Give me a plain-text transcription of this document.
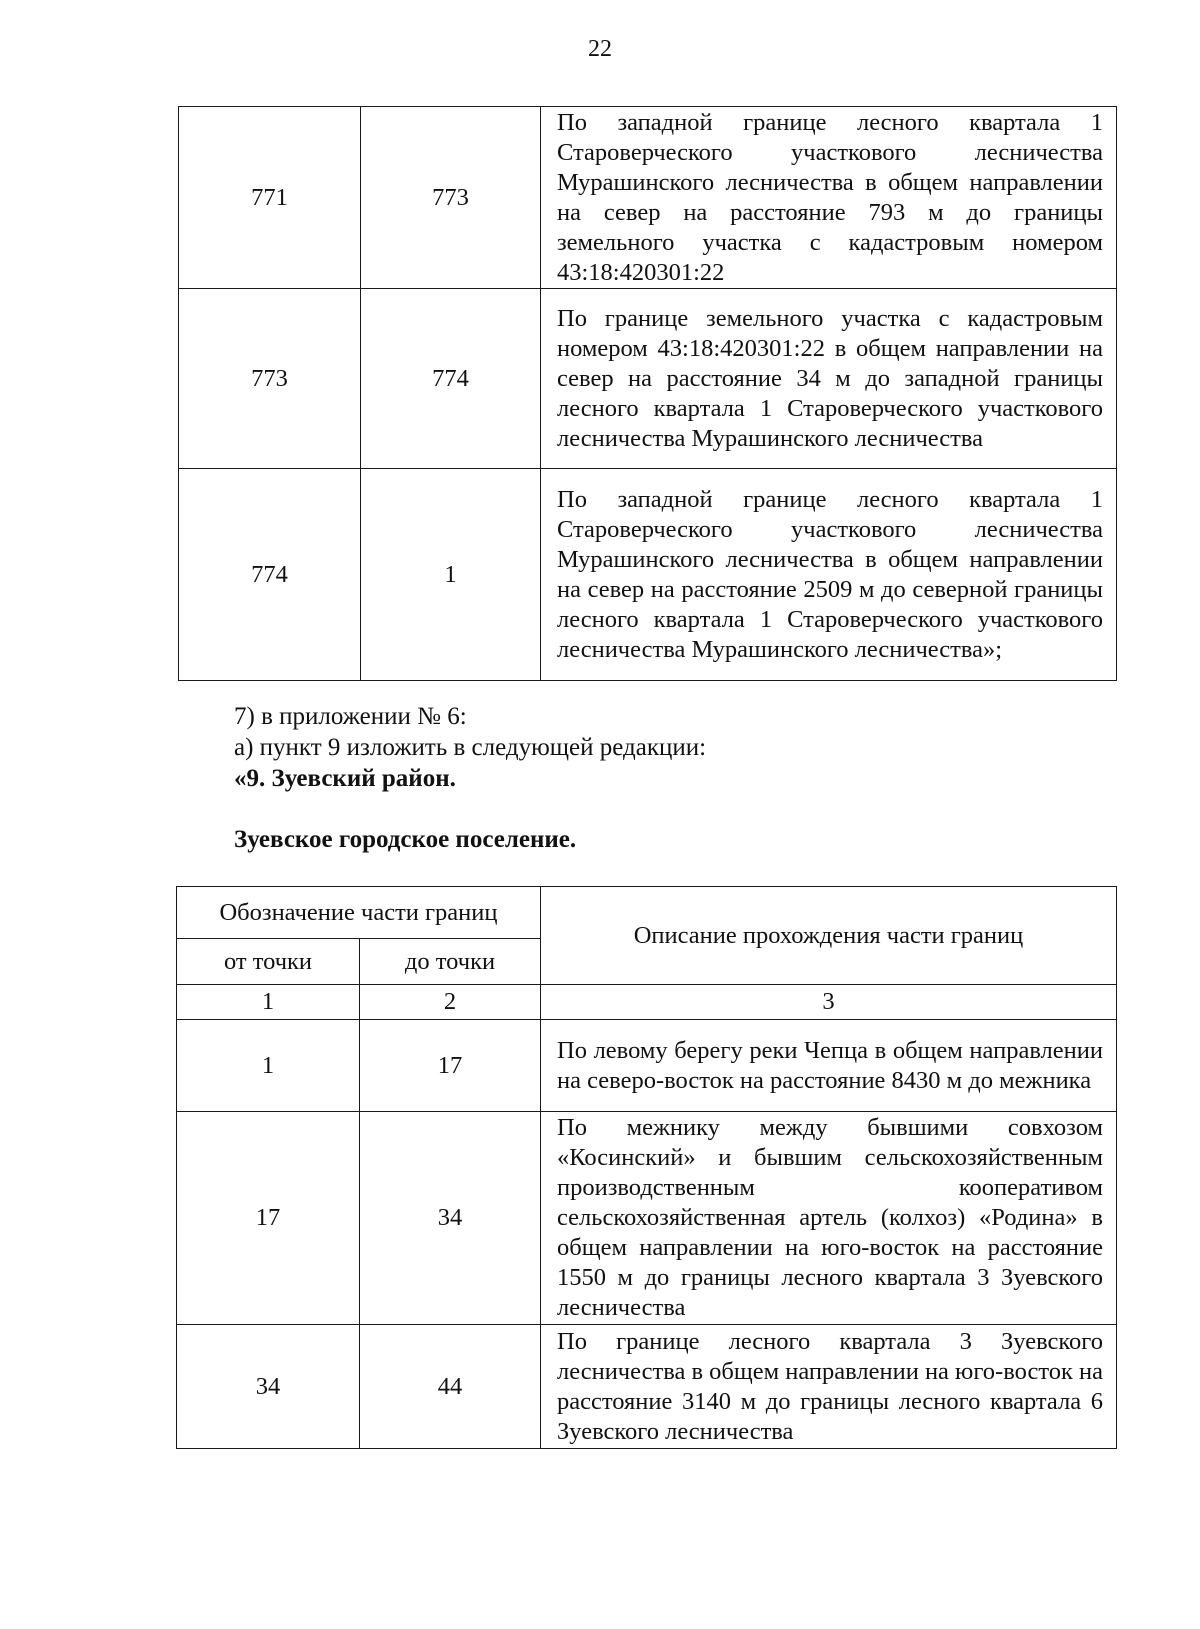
22
771	773	По западной границе лесного квартала 1 Староверческого участкового лесничества Мурашинского лесничества в общем направлении на север на расстояние 793 м до границы земельного участка с кадастровым номером 43:18:420301:22

773	774	По границе земельного участка с кадастровым номером 43:18:420301:22 в общем направлении на север на расстояние 34 м до западной границы лесного квартала 1 Староверческого участкового лесничества Мурашинского лесничества

774	1	По западной границе лесного квартала 1 Староверческого участкового лесничества Мурашинского лесничества в общем направлении на север на расстояние 2509 м до северной границы лесного квартала 1 Староверческого участкового лесничества Мурашинского лесничества»;
7) в приложении № 6:
а) пункт 9 изложить в следующей редакции:
«9. Зуевский район.
Зуевское городское поселение.
Обозначение части границ		Описание прохождения части границ
от точки	до точки	
1	2	3
1	17	По левому берегу реки Чепца в общем направлении на северо-восток на расстояние 8430 м до межника

17	34	По межнику между бывшими совхозом «Косинский» и бывшим сельскохозяйственным производственным кооперативом сельскохозяйственная артель (колхоз) «Родина» в общем направлении на юго-восток на расстояние 1550 м до границы лесного квартала 3 Зуевского лесничества

34	44	По границе лесного квартала 3 Зуевского лесничества в общем направлении на юго-восток на расстояние 3140 м до границы лесного квартала 6 Зуевского лесничества
